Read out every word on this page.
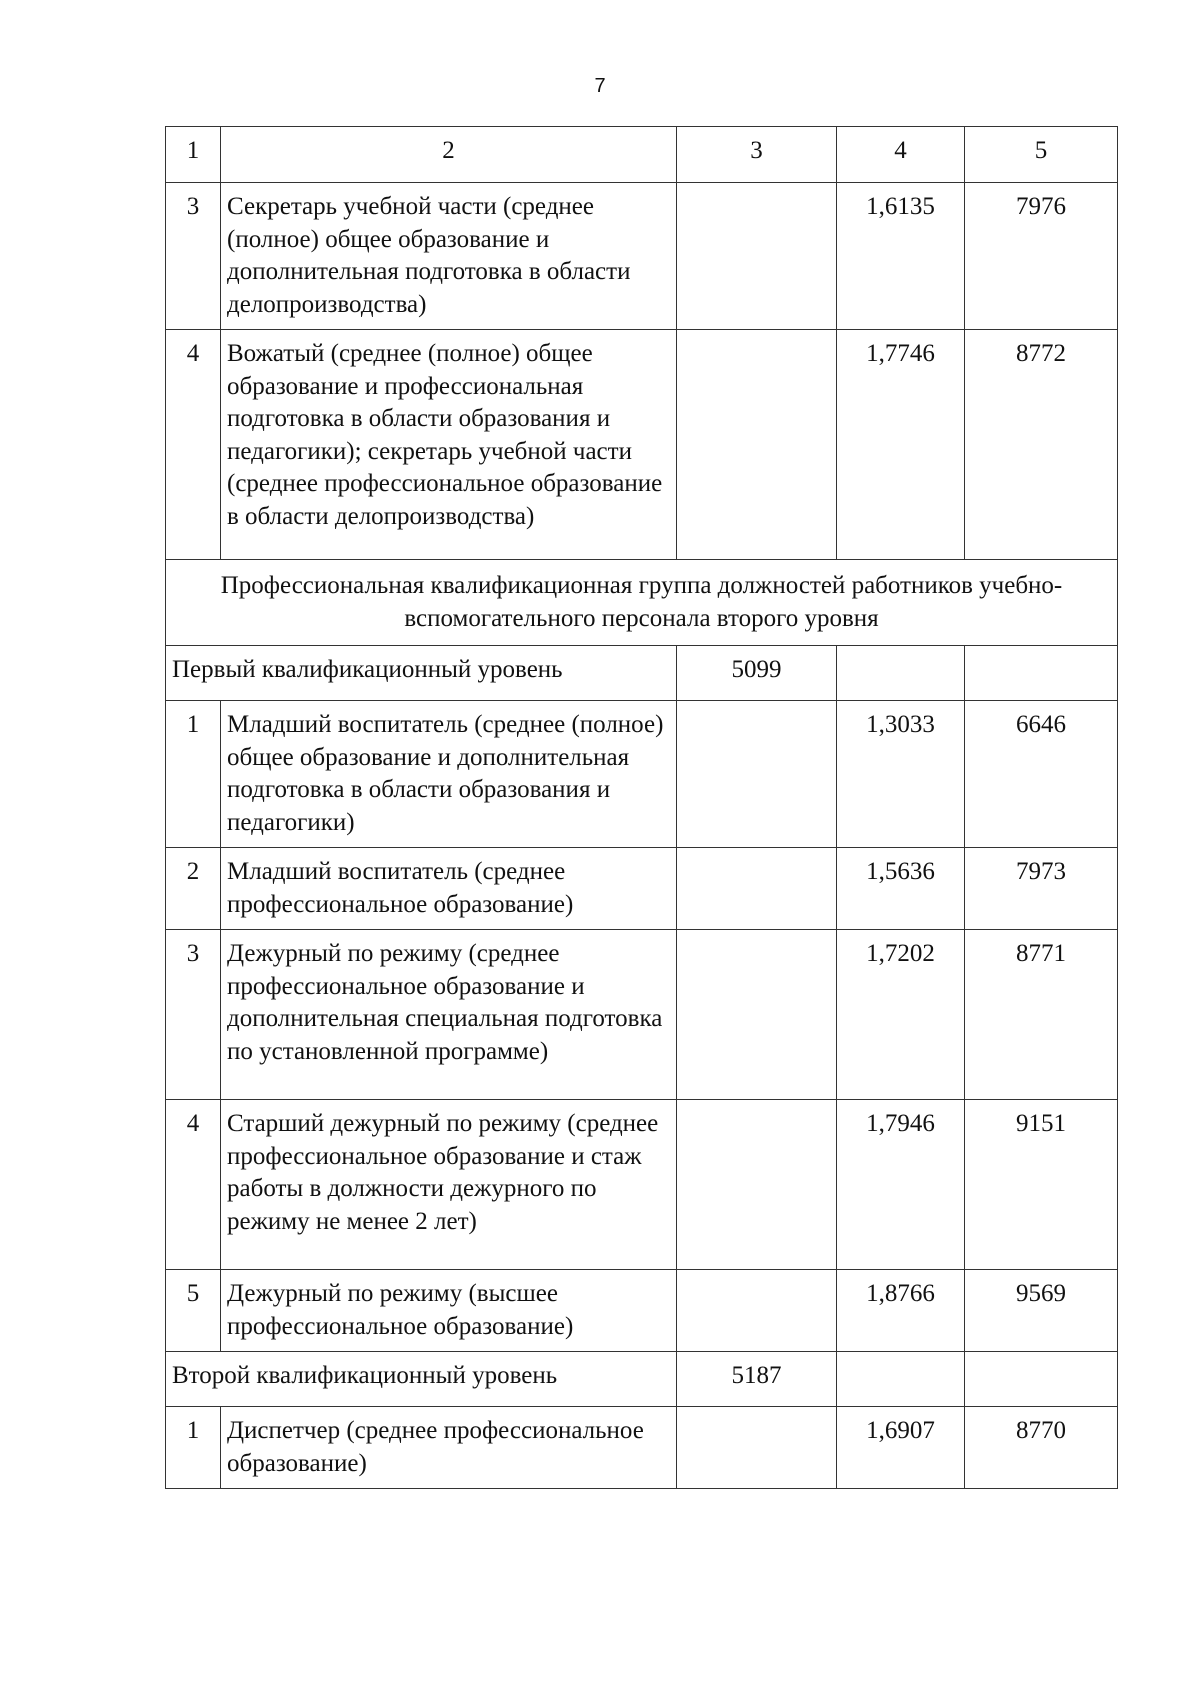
7
1	2	3	4	5
3	Секретарь учебной части (среднее (полное) общее образование и дополнительная подготовка в области делопроизводства)		1,6135	7976
4	Вожатый (среднее (полное) общее образование и профессиональная подготовка в области образования и педагогики); секретарь учебной части (среднее профессиональное образование в области делопроизводства)		1,7746	8772
Профессиональная квалификационная группа должностей работников учебно-вспомогательного персонала второго уровня				
Первый квалификационный уровень		5099		
1	Младший воспитатель (среднее (полное) общее образование и дополнительная подготовка в области образования и педагогики)		1,3033	6646
2	Младший воспитатель (среднее профессиональное образование)		1,5636	7973
3	Дежурный по режиму (среднее профессиональное образование и дополнительная специальная подготовка по установленной программе)		1,7202	8771
4	Старший дежурный по режиму (среднее профессиональное образование и стаж работы в должности дежурного по режиму не менее 2 лет)		1,7946	9151
5	Дежурный по режиму (высшее профессиональное образование)		1,8766	9569
Второй квалификационный уровень		5187		
1	Диспетчер (среднее профессиональное образование)		1,6907	8770
